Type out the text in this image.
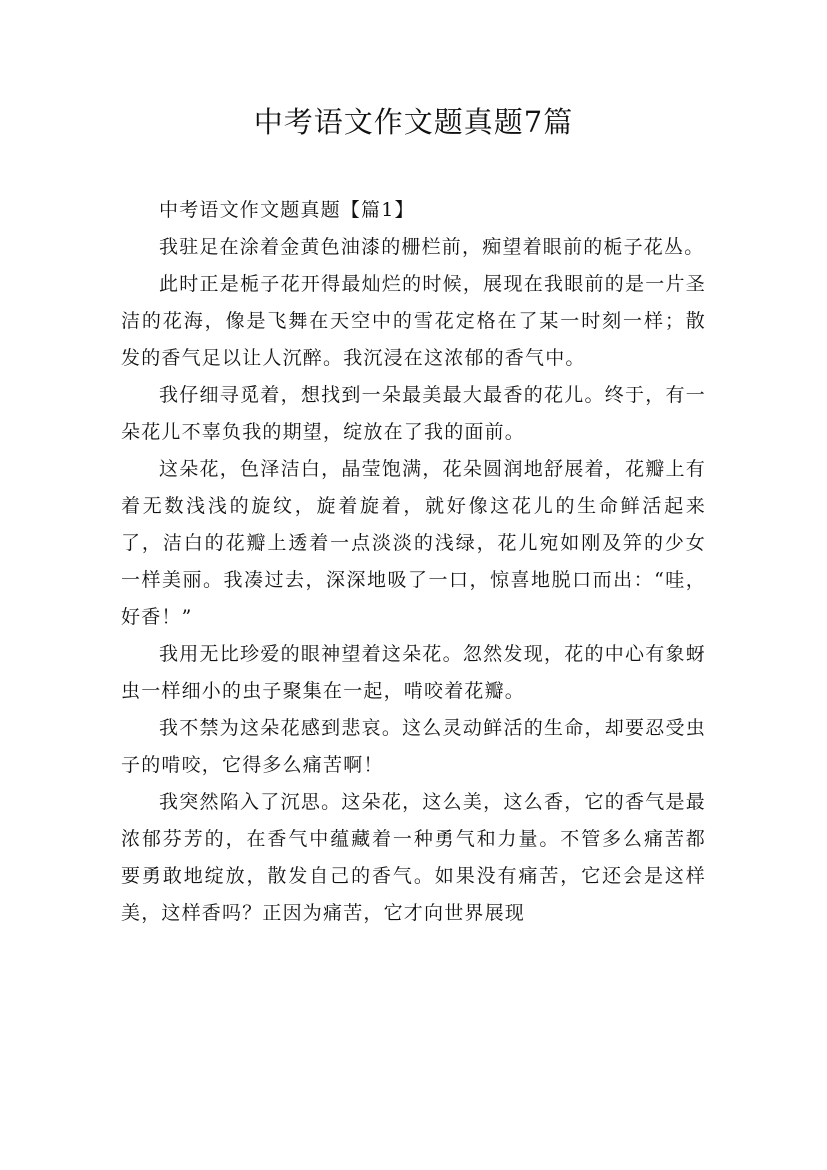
中考语文作文题真题7篇
中考语文作文题真题【篇1】

我驻足在涂着金黄色油漆的栅栏前，痴望着眼前的栀子花丛。

此时正是栀子花开得最灿烂的时候，展现在我眼前的是一片圣洁的花海，像是飞舞在天空中的雪花定格在了某一时刻一样；散发的香气足以让人沉醉。我沉浸在这浓郁的香气中。

我仔细寻觅着，想找到一朵最美最大最香的花儿。终于，有一朵花儿不辜负我的期望，绽放在了我的面前。

这朵花，色泽洁白，晶莹饱满，花朵圆润地舒展着，花瓣上有着无数浅浅的旋纹，旋着旋着，就好像这花儿的生命鲜活起来了，洁白的花瓣上透着一点淡淡的浅绿，花儿宛如刚及笄的少女一样美丽。我凑过去，深深地吸了一口，惊喜地脱口而出：“哇，好香！”

我用无比珍爱的眼神望着这朵花。忽然发现，花的中心有象蚜虫一样细小的虫子聚集在一起，啃咬着花瓣。

我不禁为这朵花感到悲哀。这么灵动鲜活的生命，却要忍受虫子的啃咬，它得多么痛苦啊！

我突然陷入了沉思。这朵花，这么美，这么香，它的香气是最浓郁芬芳的，在香气中蕴藏着一种勇气和力量。不管多么痛苦都要勇敢地绽放，散发自己的香气。如果没有痛苦，它还会是这样美，这样香吗？正因为痛苦，它才向世界展现
